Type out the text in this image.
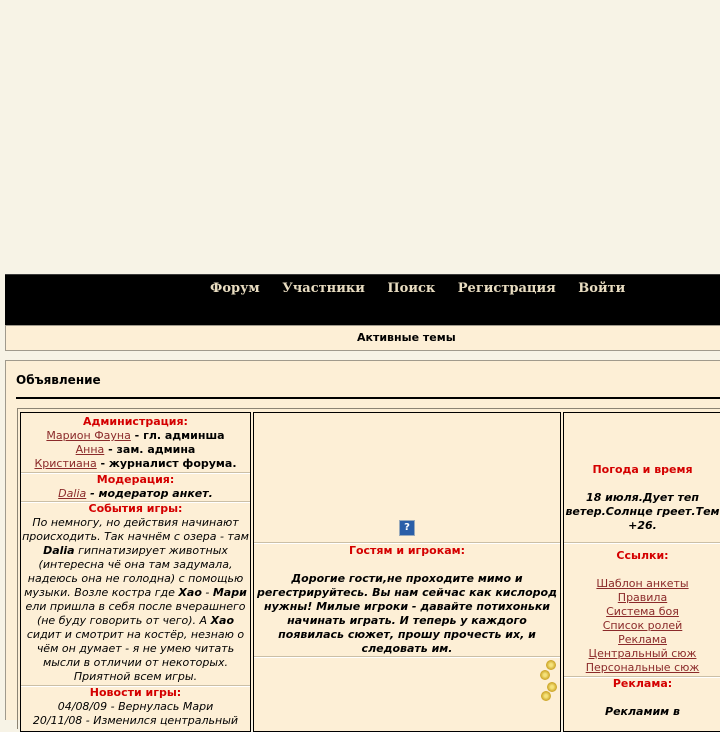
Форум Участники Поиск Регистрация Войти
Активные темы
Объявление
Администрация:
Марион Фауна - гл. админша
Анна - зам. админа
Кристиана - журналист форума.
Модерация:
Dalia - модератор анкет.
События игры:
По немногу, но действия начинают
происходить. Так начнём с озера - там
Dalia гипнатизирует животных
(интересна чё она там задумала,
надеюсь она не голодна) с помощью
музыки. Возле костра где Хао - Мари
ели пришла в себя после вчерашнего
(не буду говорить от чего). А Хао
сидит и смотрит на костёр, незнаю о
чём он думает - я не умею читать
мысли в отличии от некоторых.
Приятной всем игры.
Новости игры:
04/08/09 - Вернулась Мари
20/11/08 - Изменился центральный
?
Гостям и игрокам:
Дорогие гости,не проходите мимо и
регестрируйтесь. Вы нам сейчас как кислород
нужны! Милые игроки - давайте потихоньки
начинать играть. И теперь у каждого
появилась сюжет, прошу прочесть их, и
следовать им.
Погода и время
18 июля.Дует теп
ветер.Солнце греет.Тем
+26.
Ссылки:
Шаблон анкеты
Правила
Система боя
Список ролей
Реклама
Центральный сюж
Персональные сюж
Реклама:
Рекламим в
